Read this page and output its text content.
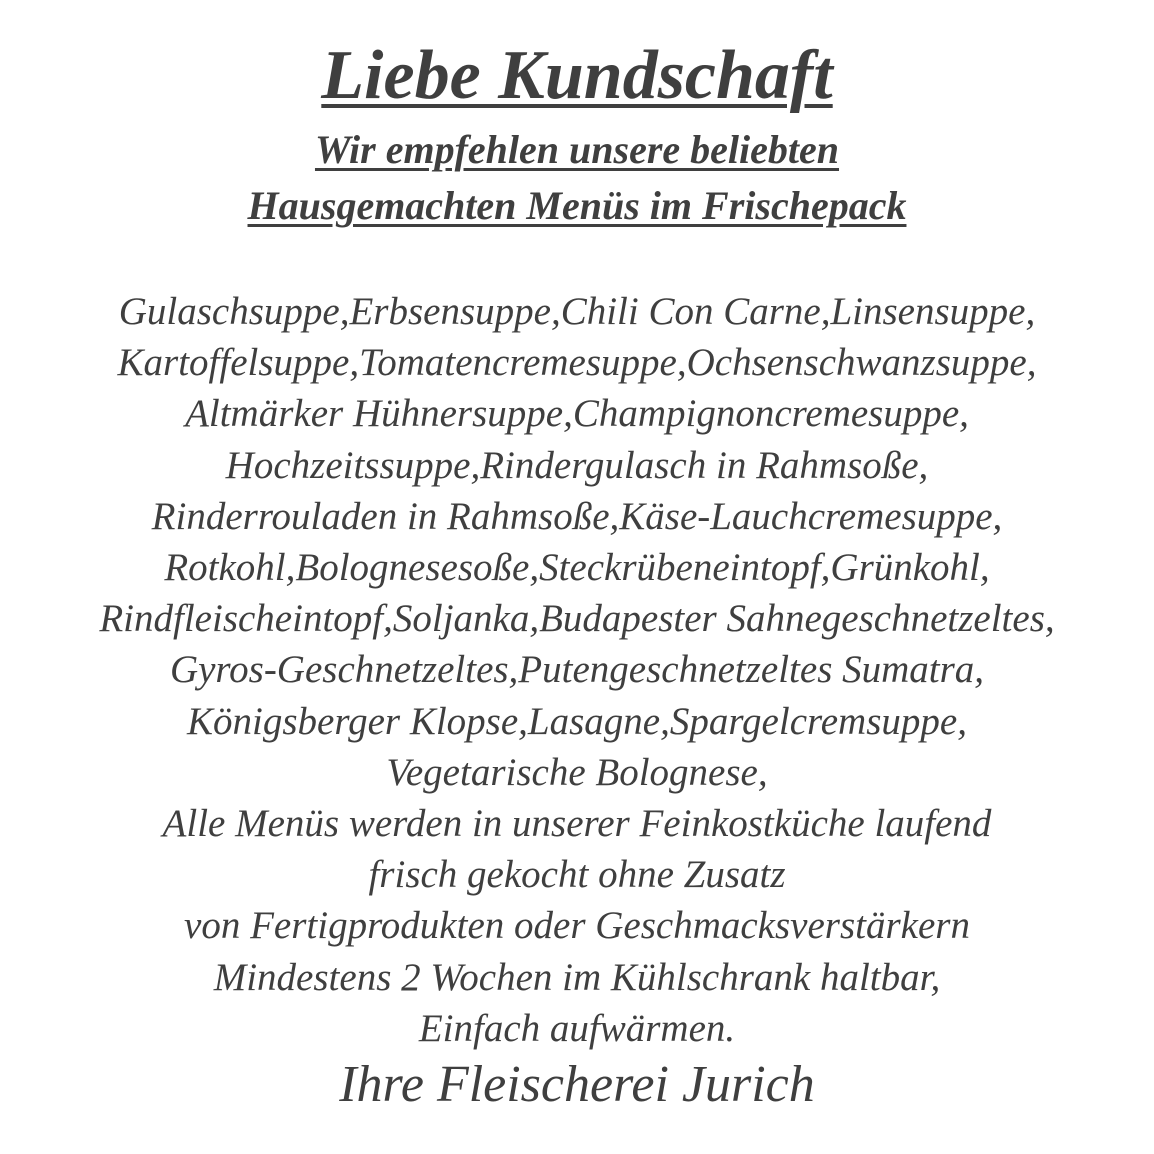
Liebe Kundschaft

Wir empfehlen unsere beliebten

Hausgemachten Menüs im Frischepack

Gulaschsuppe,Erbsensuppe,Chili Con Carne,Linsensuppe,
Kartoffelsuppe,Tomatencremesuppe,Ochsenschwanzsuppe,
Altmärker Hühnersuppe,Champignoncremesuppe,
Hochzeitssuppe,Rindergulasch in Rahmsoße,
Rinderrouladen in Rahmsoße,Käse-Lauchcremesuppe,
Rotkohl,Bolognesesoße,Steckrübeneintopf,Grünkohl,
Rindfleischeintopf,Soljanka,Budapester Sahnegeschnetzeltes,
Gyros-Geschnetzeltes,Putengeschnetzeltes Sumatra,
Königsberger Klopse,Lasagne,Spargelcremsuppe,
Vegetarische Bolognese,
Alle Menüs werden in unserer Feinkostküche laufend
frisch gekocht ohne Zusatz
von Fertigprodukten oder Geschmacksverstärkern
Mindestens 2 Wochen im Kühlschrank haltbar,
Einfach aufwärmen.

Ihre Fleischerei Jurich
